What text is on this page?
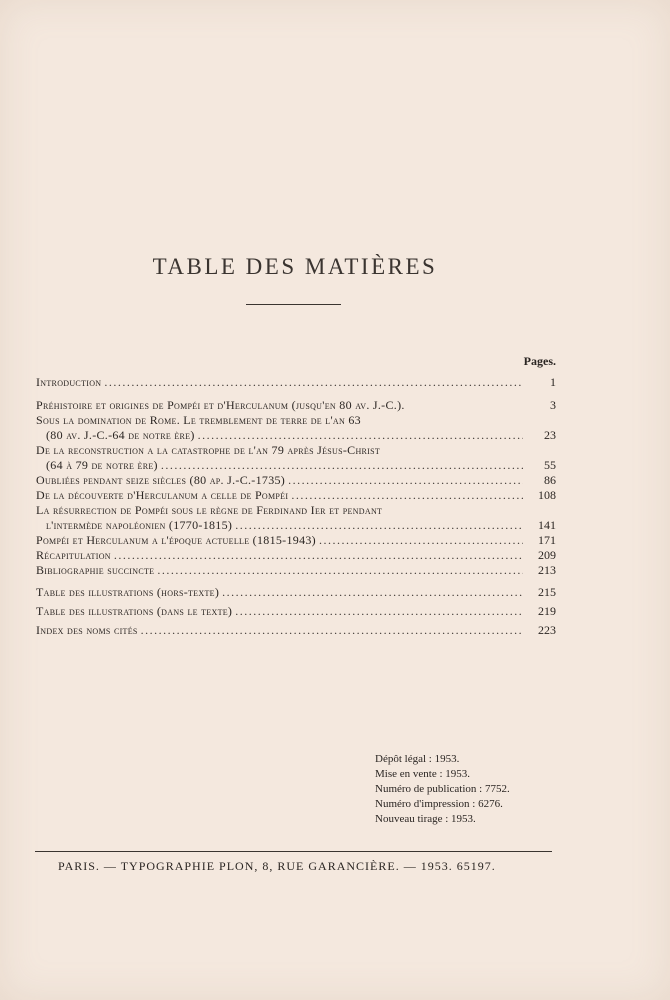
TABLE DES MATIÈRES
Pages.
Introduction .....	1
Préhistoire et origines de Pompéi et d'Herculanum (jusqu'en 80 av. J.-C.).	3
Sous la domination de Rome. Le tremblement de terre de l'an 63
(80 av. J.-C.-64 de notre ère) .....	23
De la reconstruction a la catastrophe de l'an 79 après Jésus-Christ
(64 à 79 de notre ère) .....	55
Oubliées pendant seize siècles (80 ap. J.-C.-1735) .....	86
De la découverte d'Herculanum a celle de Pompéi .....	108
La résurrection de Pompéi sous le règne de Ferdinand Ier et pendant
l'intermède napoléonien (1770-1815) .....	141
Pompéi et Herculanum a l'époque actuelle (1815-1943) .....	171
Récapitulation .....	209
Bibliographie succincte .....	213
Table des illustrations (hors-texte) .....	215
Table des illustrations (dans le texte) .....	219
Index des noms cités .....	223
Dépôt légal : 1953.
Mise en vente : 1953.
Numéro de publication : 7752.
Numéro d'impression : 6276.
Nouveau tirage : 1953.
PARIS. — TYPOGRAPHIE PLON, 8, RUE GARANCIÈRE. — 1953. 65197.
